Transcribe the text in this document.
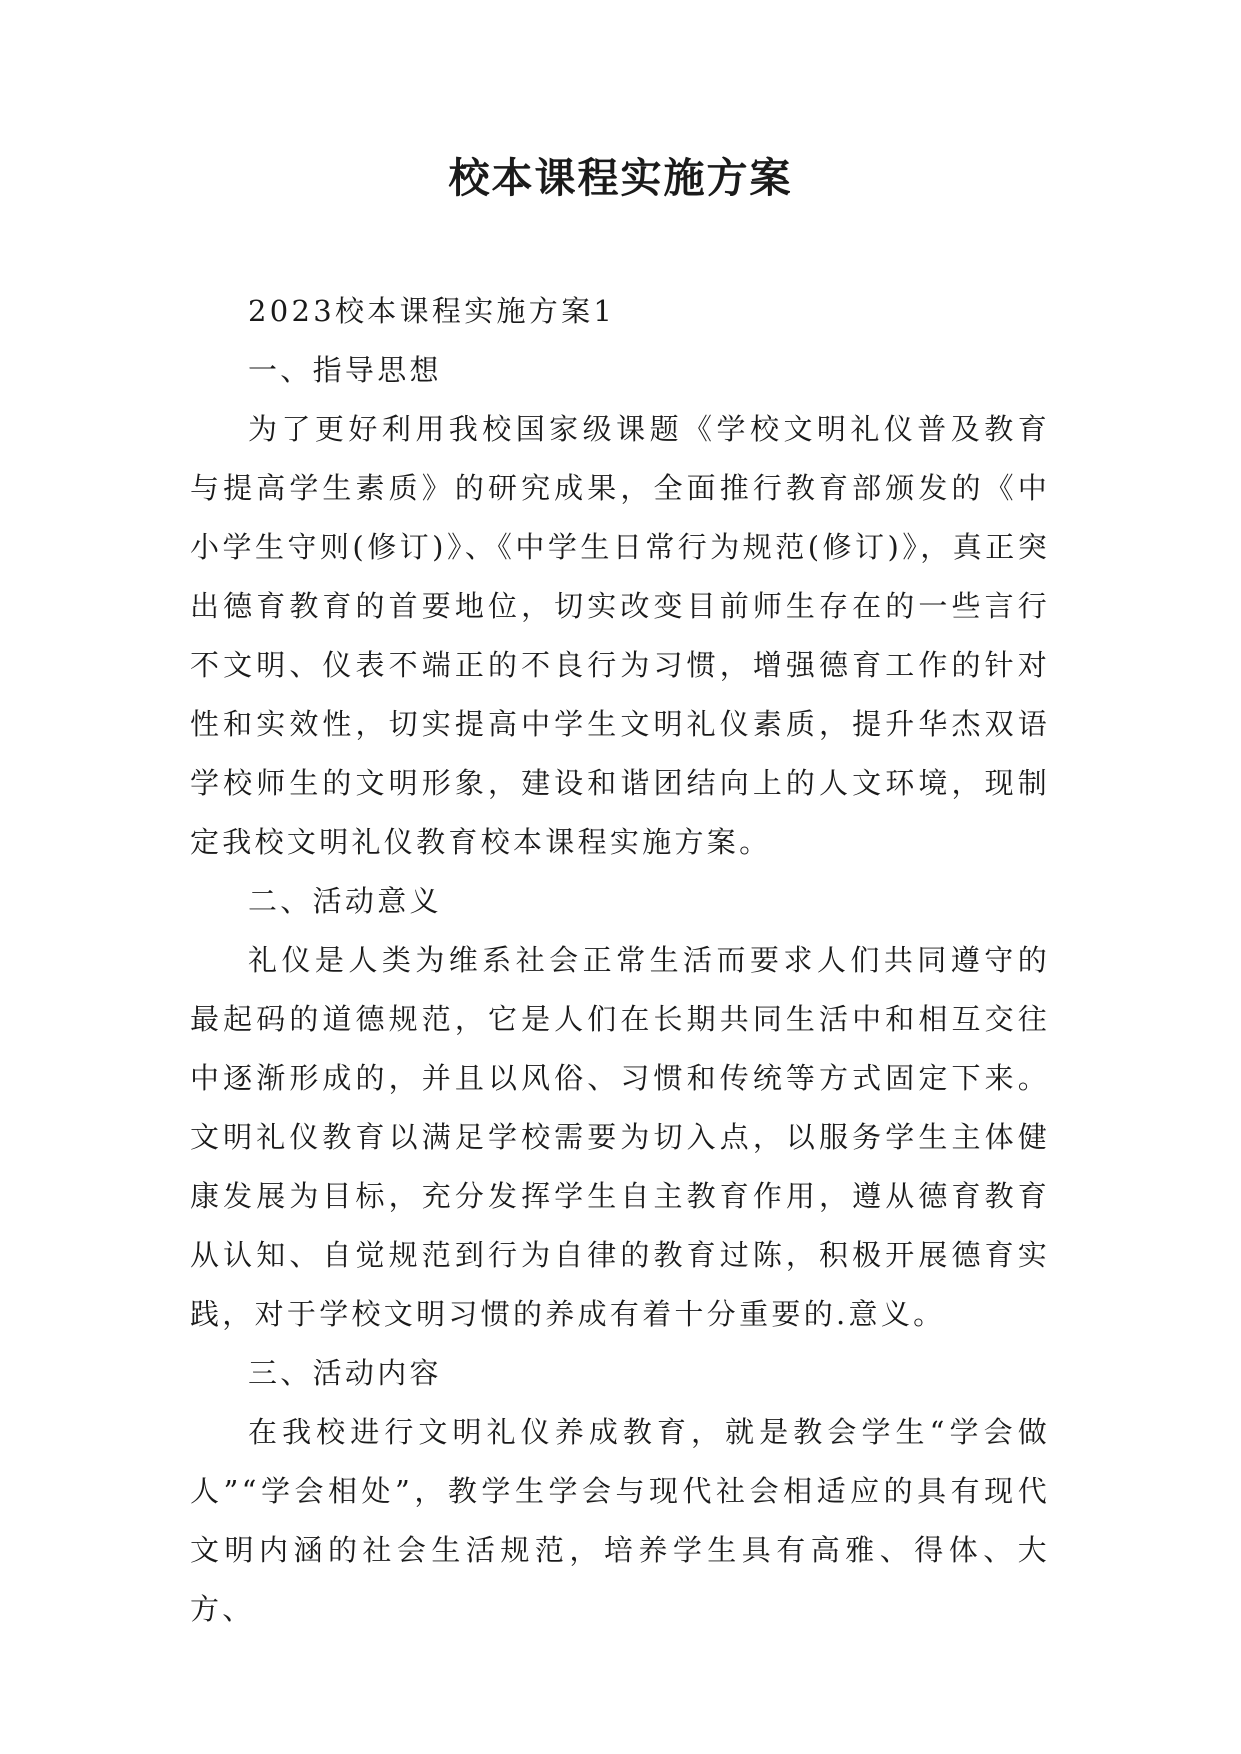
校本课程实施方案

2023校本课程实施方案1

一、指导思想

为了更好利用我校国家级课题《学校文明礼仪普及教育与提高学生素质》的研究成果，全面推行教育部颁发的《中小学生守则(修订)》、《中学生日常行为规范(修订)》，真正突出德育教育的首要地位，切实改变目前师生存在的一些言行不文明、仪表不端正的不良行为习惯，增强德育工作的针对性和实效性，切实提高中学生文明礼仪素质，提升华杰双语学校师生的文明形象，建设和谐团结向上的人文环境，现制定我校文明礼仪教育校本课程实施方案。

二、活动意义

礼仪是人类为维系社会正常生活而要求人们共同遵守的最起码的道德规范，它是人们在长期共同生活中和相互交往中逐渐形成的，并且以风俗、习惯和传统等方式固定下来。文明礼仪教育以满足学校需要为切入点，以服务学生主体健康发展为目标，充分发挥学生自主教育作用，遵从德育教育从认知、自觉规范到行为自律的教育过陈，积极开展德育实践，对于学校文明习惯的养成有着十分重要的.意义。

三、活动内容

在我校进行文明礼仪养成教育，就是教会学生“学会做人”“学会相处”，教学生学会与现代社会相适应的具有现代文明内涵的社会生活规范，培养学生具有高雅、得体、大方、
